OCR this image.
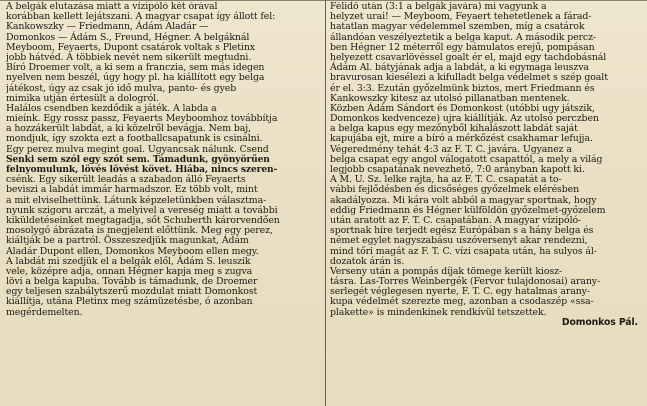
A belgák elutazása miatt a vízipóló két órával
korábban kellett lejátszani. A magyar csapat így állott fel:
Kankowszky — Friedmann, Ádám Aladár —
Domonkos — Ádám S., Freund, Hégner. A belgáknál
Meyboom, Feyaerts, Dupont csatárok voltak s Pletinx
jobb hátvéd. A többiek nevét nem sikerült megtudni.
Bíró Droemer volt, a ki sem a franczia, sem más idegen
nyelven nem beszél, úgy hogy pl. ha kiállított egy belga
játékost, úgy az csak jó idő mulva, panto- és gyeb
mimika utján értesült a dologról.
Halálos csendben kezdődik a játék. A labda a
mieínk. Egy rossz passz, Feyaerts Meyboomhoz továbbítja
a hozzákerült labdát, a ki közelről bevágja. Nem baj,
mondjuk, így szokta ezt a footballcsapatunk is csinálni.
Egy perez mulva megint goal. Ugyancsak nálunk. Csend
Senki sem szól egy szót sem. Támadunk, gyönyörűen
felnyomulunk, lövés lövést követ. Hiába, nincs szeren-
csénk. Egy sikerült leadás a szabadon álló Feyaerts
beviszi a labdát immár harmadszor. Ez több volt, mint
a mit elviselhettünk. Látunk képzeletünkben választma-
nyunk szigoru arczát, a melyivel a vereség miatt a további
kiküldetéseinket megtagadja, sőt Schuberth károrvendően
mosolygó ábrázata is megjelent előttünk. Meg egy perez,
kiáltják be a partról. Összeszedjük magunkat, Ádám
Aladár Dupont ellen, Domonkos Meyboom ellen megy.
A labdát mi szedjük el a belgák elől, Ádám S. leuszik
vele, középre adja, onnan Hégner kapja meg s zugva
lövi a belga kapuba. Tovább is támadunk, de Droemer
egy teljesen szabálytszerű mozdulat miatt Domonkost
kiállítja, utána Pletinx meg számüzetésbe, ó azonban
megérdemelten.
Félidő után (3:1 a belgák javára) mi vagyunk a
helyzet urai! — Meyboom, Feyaert tehetetlenek a fárad-
hatatlan magyar védelemmel szemben, míg a csatárok
állandóan veszélyeztetik a belga kaput. A második percz-
ben Hégner 12 méterről egy bámulatos erejű, pompásan
helyezett csavarlövéssel goalt ér el, majd egy tachdobásnál
Ádám Al. bátyjának adja a labdát, a ki egymaga leuszva
bravurosan kiesélezi a kifulladt belga védelmet s szép goalt
ér el. 3:3. Ezután győzelmünk biztos, mert Friedmann és
Kankowszky kitesz az utolsó pillanatban mentenek.
Közben Ádám Sándort és Domonkost (utóbbi ugy játszik,
Domonkos kedvenceze) ujra kiállítják. Az utolsó perczben
a belga kapus egy mezőnyből kihalászott labdát saját
kapujába ejt, mire a bíró a mérkőzést csakhamar lefujja.
Végeredmény tehát 4:3 az F. T. C. javára. Ugyanez a
belga csapat egy angol válogatott csapattól, a mely a világ
legjobb csapatának nevezhető, 7:0 arányban kapott ki.
A M. U. Sz. lelke rajta, ha az F. T. C. csapatát a to-
vábbi fejlődésben és dicsőséges győzelmek elérésben
akadályozza. Mi kára volt abból a magyar sportnak, hogy
eddig Friedmann és Hégner külföldön győzelmet-győzelem
után aratott az F. T. C. csapatában. A magyar vízipóló-
sportnak híre terjedt egész Európában s a hány belga és
német egylet nagyszabásu uszóversenyt akar rendezni,
mind tőri magát az F. T. C. vízi csapata után, ha sulyos ál-
dozatok árán is.
Verseny után a pompás díjak tömege került kiosz-
tásra. Las-Torres Weinbergék (Fervor tulajdonosai) arany-
serlegét véglegesen nyerte, F. T. C. egy hatalmas arany-
kupa védelmét szerezte meg, azonban a csodaszép «ssa-
plakette» is mindenkinek rendkívül tetszettek.
Domonkos Pál.
